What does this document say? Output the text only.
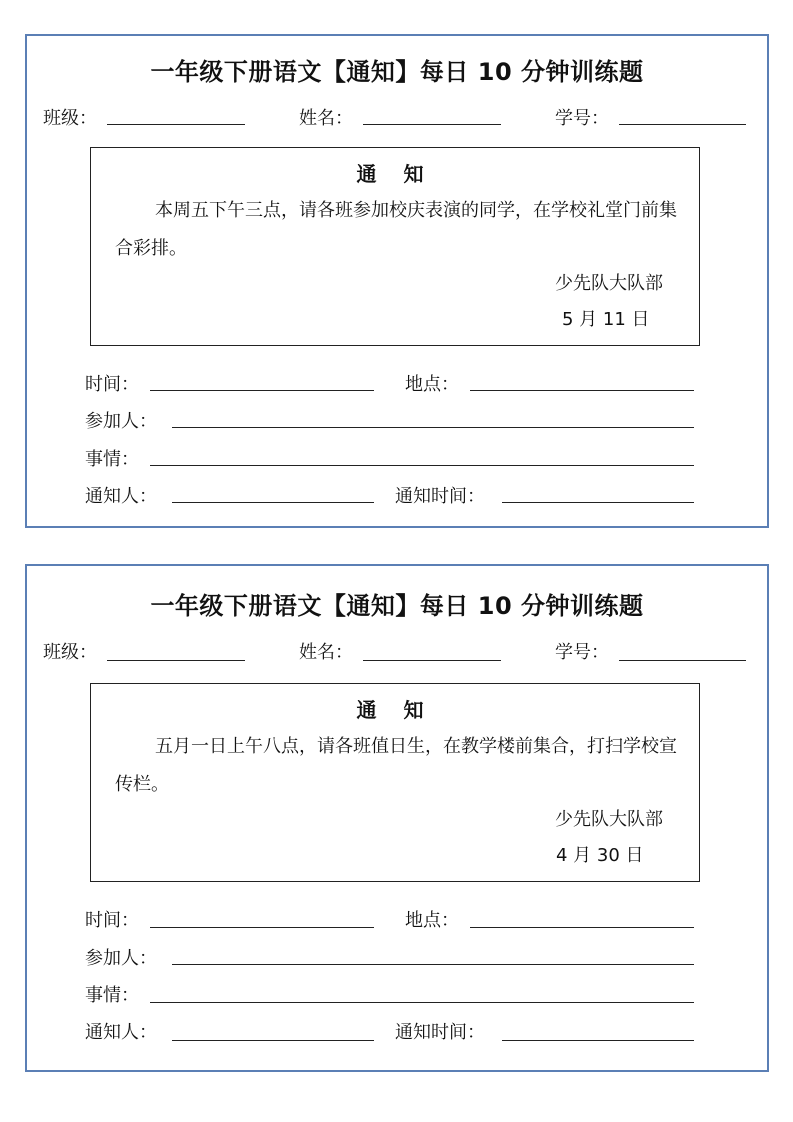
一年级下册语文【通知】每日 10 分钟训练题
班级：	姓名：	学号：
通 知
本周五下午三点，请各班参加校庆表演的同学，在学校礼堂门前集合彩排。
少先队大队部
5 月 11 日
时间：	地点：
参加人：
事情：
通知人：	通知时间：
一年级下册语文【通知】每日 10 分钟训练题
班级：	姓名：	学号：
通 知
五月一日上午八点，请各班值日生，在教学楼前集合，打扫学校宣传栏。
少先队大队部
4 月 30 日
时间：	地点：
参加人：
事情：
通知人：	通知时间：
